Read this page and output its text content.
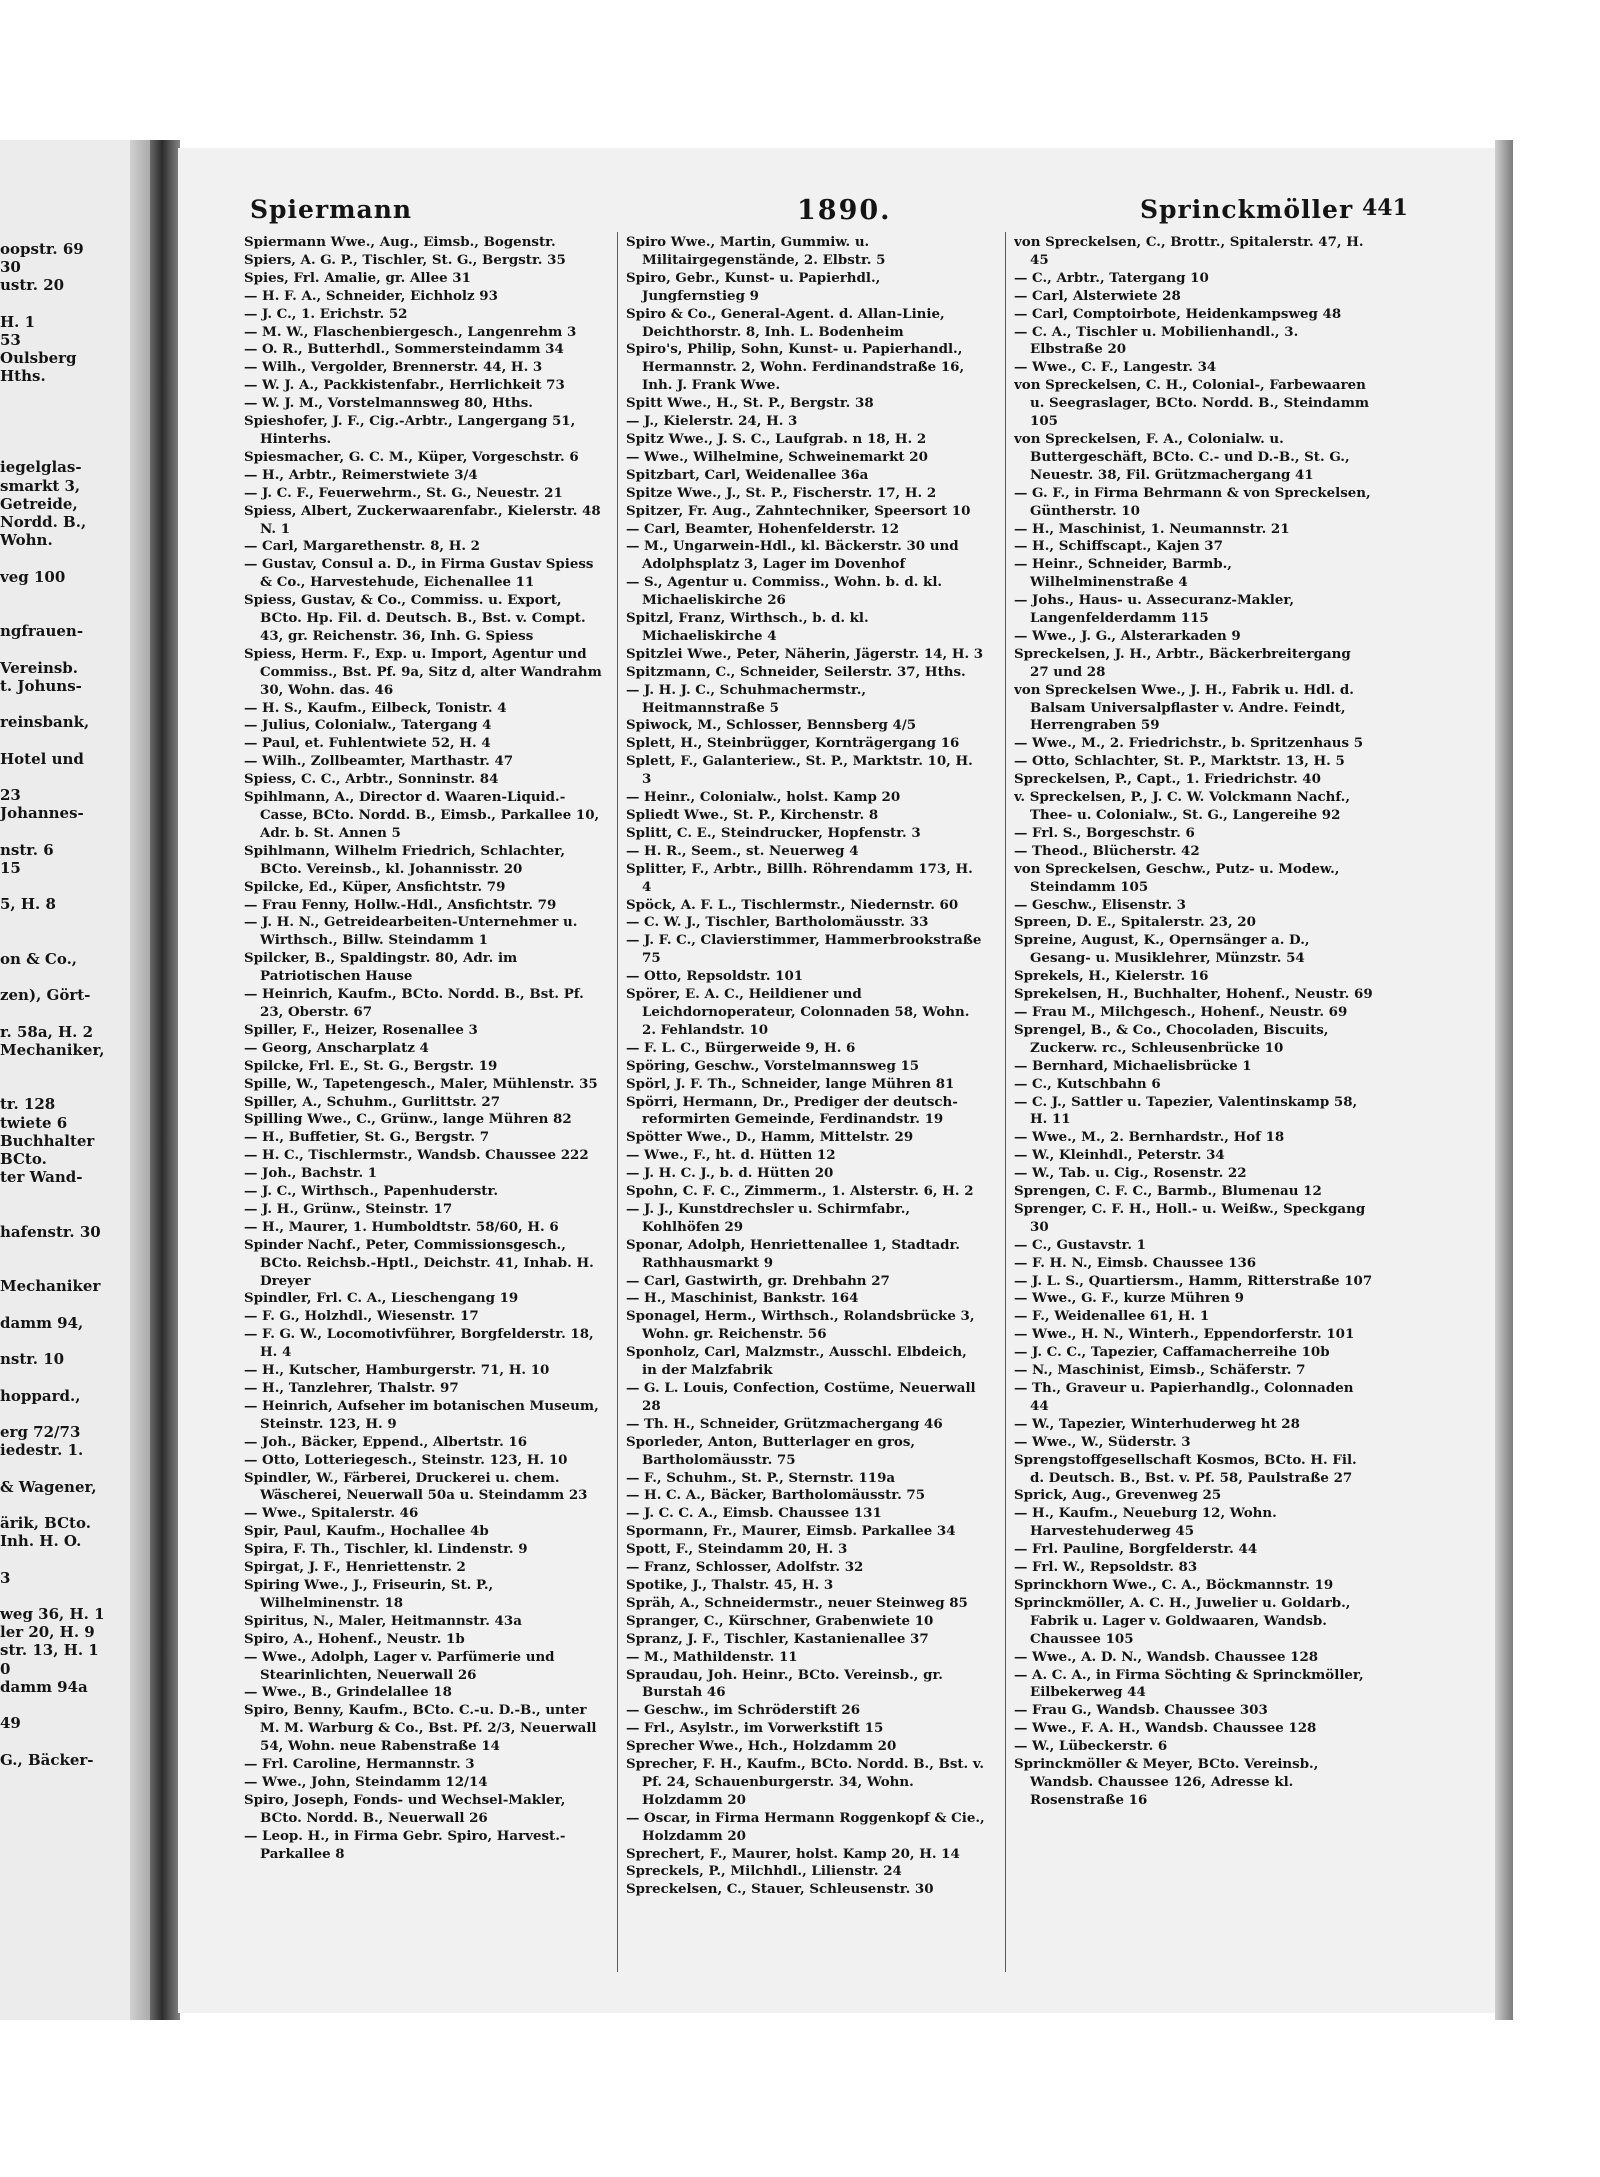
oopstr. 69
30
ustr. 20
H. 1
53
Oulsberg
Hths.
iegelglas-
smarkt 3,
Getreide,
Nordd. B.,
Wohn.
veg 100
ngfrauen-
Vereinsb.
t. Johuns-
reinsbank,
Hotel und
23
Johannes-
nstr. 6
15
5, H. 8
on & Co.,
zen), Gört-
r. 58a, H. 2
Mechaniker,
tr. 128
twiete 6
Buchhalter
BCto.
ter Wand-
hafenstr. 30
Mechaniker
damm 94,
nstr. 10
hoppard.,
erg 72/73
iedestr. 1.
& Wagener,
ärik, BCto.
Inh. H. O.
3
weg 36, H. 1
ler 20, H. 9
str. 13, H. 1
0
damm 94a
49
G., Bäcker-
Spiermann	1890.	Sprinckmöller 441
Spiermann Wwe., Aug., Eimsb., Bogenstr.
Spiers, A. G. P., Tischler, St. G., Bergstr. 35
Spies, Frl. Amalie, gr. Allee 31
— H. F. A., Schneider, Eichholz 93
— J. C., 1. Erichstr. 52
— M. W., Flaschenbiergesch., Langenrehm 3
— O. R., Butterhdl., Sommersteindamm 34
— Wilh., Vergolder, Brennerstr. 44, H. 3
— W. J. A., Packkistenfabr., Herrlichkeit 73
— W. J. M., Vorstelmannsweg 80, Hths.
Spieshofer, J. F., Cig.-Arbtr., Langergang 51, Hinterhs.
Spiesmacher, G. C. M., Küper, Vorgeschstr. 6
— H., Arbtr., Reimerstwiete 3/4
— J. C. F., Feuerwehrm., St. G., Neuestr. 21
Spiess, Albert, Zuckerwaarenfabr., Kielerstr. 48 N. 1
— Carl, Margarethenstr. 8, H. 2
— Gustav, Consul a. D., in Firma Gustav Spiess & Co., Harvestehude, Eichenallee 11
Spiess, Gustav, & Co., Commiss. u. Export, BCto. Hp. Fil. d. Deutsch. B., Bst. v. Compt. 43, gr. Reichenstr. 36, Inh. G. Spiess
Spiess, Herm. F., Exp. u. Import, Agentur und Commiss., Bst. Pf. 9a, Sitz d, alter Wandrahm 30, Wohn. das. 46
— H. S., Kaufm., Eilbeck, Tonistr. 4
— Julius, Colonialw., Tatergang 4
— Paul, et. Fuhlentwiete 52, H. 4
— Wilh., Zollbeamter, Marthastr. 47
Spiess, C. C., Arbtr., Sonninstr. 84
Spihlmann, A., Director d. Waaren-Liquid.-Casse, BCto. Nordd. B., Eimsb., Parkallee 10, Adr. b. St. Annen 5
Spihlmann, Wilhelm Friedrich, Schlachter, BCto. Vereinsb., kl. Johannisstr. 20
Spilcke, Ed., Küper, Ansfichtstr. 79
— Frau Fenny, Hollw.-Hdl., Ansfichtstr. 79
— J. H. N., Getreidearbeiten-Unternehmer u. Wirthsch., Billw. Steindamm 1
Spilcker, B., Spaldingstr. 80, Adr. im Patriotischen Hause
— Heinrich, Kaufm., BCto. Nordd. B., Bst. Pf. 23, Oberstr. 67
Spiller, F., Heizer, Rosenallee 3
— Georg, Anscharplatz 4
Spilcke, Frl. E., St. G., Bergstr. 19
Spille, W., Tapetengesch., Maler, Mühlenstr. 35
Spiller, A., Schuhm., Gurlittstr. 27
Spilling Wwe., C., Grünw., lange Mühren 82
— H., Buffetier, St. G., Bergstr. 7
— H. C., Tischlermstr., Wandsb. Chaussee 222
— Joh., Bachstr. 1
— J. C., Wirthsch., Papenhuderstr.
— J. H., Grünw., Steinstr. 17
— H., Maurer, 1. Humboldtstr. 58/60, H. 6
Spinder Nachf., Peter, Commissionsgesch., BCto. Reichsb.-Hptl., Deichstr. 41, Inhab. H. Dreyer
Spindler, Frl. C. A., Lieschengang 19
— F. G., Holzhdl., Wiesenstr. 17
— F. G. W., Locomotivführer, Borgfelderstr. 18, H. 4
— H., Kutscher, Hamburgerstr. 71, H. 10
— H., Tanzlehrer, Thalstr. 97
— Heinrich, Aufseher im botanischen Museum, Steinstr. 123, H. 9
— Joh., Bäcker, Eppend., Albertstr. 16
— Otto, Lotteriegesch., Steinstr. 123, H. 10
Spindler, W., Färberei, Druckerei u. chem. Wäscherei, Neuerwall 50a u. Steindamm 23
— Wwe., Spitalerstr. 46
Spir, Paul, Kaufm., Hochallee 4b
Spira, F. Th., Tischler, kl. Lindenstr. 9
Spirgat, J. F., Henriettenstr. 2
Spiring Wwe., J., Friseurin, St. P., Wilhelminenstr. 18
Spiritus, N., Maler, Heitmannstr. 43a
Spiro, A., Hohenf., Neustr. 1b
— Wwe., Adolph, Lager v. Parfümerie und Stearinlichten, Neuerwall 26
— Wwe., B., Grindelallee 18
Spiro, Benny, Kaufm., BCto. C.-u. D.-B., unter M. M. Warburg & Co., Bst. Pf. 2/3, Neuerwall 54, Wohn. neue Rabenstraße 14
— Frl. Caroline, Hermannstr. 3
— Wwe., John, Steindamm 12/14
Spiro, Joseph, Fonds- und Wechsel-Makler, BCto. Nordd. B., Neuerwall 26
— Leop. H., in Firma Gebr. Spiro, Harvest.-Parkallee 8
Spiro Wwe., Martin, Gummiw. u. Militairgegenstände, 2. Elbstr. 5
Spiro, Gebr., Kunst- u. Papierhdl., Jungfernstieg 9
Spiro & Co., General-Agent. d. Allan-Linie, Deichthorstr. 8, Inh. L. Bodenheim
Spiro's, Philip, Sohn, Kunst- u. Papierhandl., Hermannstr. 2, Wohn. Ferdinandstraße 16, Inh. J. Frank Wwe.
Spitt Wwe., H., St. P., Bergstr. 38
— J., Kielerstr. 24, H. 3
Spitz Wwe., J. S. C., Laufgrab. n 18, H. 2
— Wwe., Wilhelmine, Schweinemarkt 20
Spitzbart, Carl, Weidenallee 36a
Spitze Wwe., J., St. P., Fischerstr. 17, H. 2
Spitzer, Fr. Aug., Zahntechniker, Speersort 10
— Carl, Beamter, Hohenfelderstr. 12
— M., Ungarwein-Hdl., kl. Bäckerstr. 30 und Adolphsplatz 3, Lager im Dovenhof
— S., Agentur u. Commiss., Wohn. b. d. kl. Michaeliskirche 26
Spitzl, Franz, Wirthsch., b. d. kl. Michaeliskirche 4
Spitzlei Wwe., Peter, Näherin, Jägerstr. 14, H. 3
Spitzmann, C., Schneider, Seilerstr. 37, Hths.
— J. H. J. C., Schuhmachermstr., Heitmannstraße 5
Spiwock, M., Schlosser, Bennsberg 4/5
Splett, H., Steinbrügger, Kornträgergang 16
Splett, F., Galanteriew., St. P., Marktstr. 10, H. 3
— Heinr., Colonialw., holst. Kamp 20
Spliedt Wwe., St. P., Kirchenstr. 8
Splitt, C. E., Steindrucker, Hopfenstr. 3
— H. R., Seem., st. Neuerweg 4
Splitter, F., Arbtr., Billh. Röhrendamm 173, H. 4
Spöck, A. F. L., Tischlermstr., Niedernstr. 60
— C. W. J., Tischler, Bartholomäusstr. 33
— J. F. C., Clavierstimmer, Hammerbrookstraße 75
— Otto, Repsoldstr. 101
Spörer, E. A. C., Heildiener und Leichdornoperateur, Colonnaden 58, Wohn. 2. Fehlandstr. 10
— F. L. C., Bürgerweide 9, H. 6
Spöring, Geschw., Vorstelmannsweg 15
Spörl, J. F. Th., Schneider, lange Mühren 81
Spörri, Hermann, Dr., Prediger der deutsch-reformirten Gemeinde, Ferdinandstr. 19
Spötter Wwe., D., Hamm, Mittelstr. 29
— Wwe., F., ht. d. Hütten 12
— J. H. C. J., b. d. Hütten 20
Spohn, C. F. C., Zimmerm., 1. Alsterstr. 6, H. 2
— J. J., Kunstdrechsler u. Schirmfabr., Kohlhöfen 29
Sponar, Adolph, Henriettenallee 1, Stadtadr. Rathhausmarkt 9
— Carl, Gastwirth, gr. Drehbahn 27
— H., Maschinist, Bankstr. 164
Sponagel, Herm., Wirthsch., Rolandsbrücke 3, Wohn. gr. Reichenstr. 56
Sponholz, Carl, Malzmstr., Ausschl. Elbdeich, in der Malzfabrik
— G. L. Louis, Confection, Costüme, Neuerwall 28
— Th. H., Schneider, Grützmachergang 46
Sporleder, Anton, Butterlager en gros, Bartholomäusstr. 75
— F., Schuhm., St. P., Sternstr. 119a
— H. C. A., Bäcker, Bartholomäusstr. 75
— J. C. C. A., Eimsb. Chaussee 131
Spormann, Fr., Maurer, Eimsb. Parkallee 34
Spott, F., Steindamm 20, H. 3
— Franz, Schlosser, Adolfstr. 32
Spotike, J., Thalstr. 45, H. 3
Spräh, A., Schneidermstr., neuer Steinweg 85
Spranger, C., Kürschner, Grabenwiete 10
Spranz, J. F., Tischler, Kastanienallee 37
— M., Mathildenstr. 11
Spraudau, Joh. Heinr., BCto. Vereinsb., gr. Burstah 46
— Geschw., im Schröderstift 26
— Frl., Asylstr., im Vorwerkstift 15
Sprecher Wwe., Hch., Holzdamm 20
Sprecher, F. H., Kaufm., BCto. Nordd. B., Bst. v. Pf. 24, Schauenburgerstr. 34, Wohn. Holzdamm 20
— Oscar, in Firma Hermann Roggenkopf & Cie., Holzdamm 20
Sprechert, F., Maurer, holst. Kamp 20, H. 14
Spreckels, P., Milchhdl., Lilienstr. 24
Spreckelsen, C., Stauer, Schleusenstr. 30
von Spreckelsen, C., Brottr., Spitalerstr. 47, H. 45
— C., Arbtr., Tatergang 10
— Carl, Alsterwiete 28
— Carl, Comptoirbote, Heidenkampsweg 48
— C. A., Tischler u. Mobilienhandl., 3. Elbstraße 20
— Wwe., C. F., Langestr. 34
von Spreckelsen, C. H., Colonial-, Farbewaaren u. Seegraslager, BCto. Nordd. B., Steindamm 105
von Spreckelsen, F. A., Colonialw. u. Buttergeschäft, BCto. C.- und D.-B., St. G., Neuestr. 38, Fil. Grützmachergang 41
— G. F., in Firma Behrmann & von Spreckelsen, Güntherstr. 10
— H., Maschinist, 1. Neumannstr. 21
— H., Schiffscapt., Kajen 37
— Heinr., Schneider, Barmb., Wilhelminenstraße 4
— Johs., Haus- u. Assecuranz-Makler, Langenfelderdamm 115
— Wwe., J. G., Alsterarkaden 9
Spreckelsen, J. H., Arbtr., Bäckerbreitergang 27 und 28
von Spreckelsen Wwe., J. H., Fabrik u. Hdl. d. Balsam Universalpflaster v. Andre. Feindt, Herrengraben 59
— Wwe., M., 2. Friedrichstr., b. Spritzenhaus 5
— Otto, Schlachter, St. P., Marktstr. 13, H. 5
Spreckelsen, P., Capt., 1. Friedrichstr. 40
v. Spreckelsen, P., J. C. W. Volckmann Nachf., Thee- u. Colonialw., St. G., Langereihe 92
— Frl. S., Borgeschstr. 6
— Theod., Blücherstr. 42
von Spreckelsen, Geschw., Putz- u. Modew., Steindamm 105
— Geschw., Elisenstr. 3
Spreen, D. E., Spitalerstr. 23, 20
Spreine, August, K., Opernsänger a. D., Gesang- u. Musiklehrer, Münzstr. 54
Sprekels, H., Kielerstr. 16
Sprekelsen, H., Buchhalter, Hohenf., Neustr. 69
— Frau M., Milchgesch., Hohenf., Neustr. 69
Sprengel, B., & Co., Chocoladen, Biscuits, Zuckerw. rc., Schleusenbrücke 10
— Bernhard, Michaelisbrücke 1
— C., Kutschbahn 6
— C. J., Sattler u. Tapezier, Valentinskamp 58, H. 11
— Wwe., M., 2. Bernhardstr., Hof 18
— W., Kleinhdl., Peterstr. 34
— W., Tab. u. Cig., Rosenstr. 22
Sprengen, C. F. C., Barmb., Blumenau 12
Sprenger, C. F. H., Holl.- u. Weißw., Speckgang 30
— C., Gustavstr. 1
— F. H. N., Eimsb. Chaussee 136
— J. L. S., Quartiersm., Hamm, Ritterstraße 107
— Wwe., G. F., kurze Mühren 9
— F., Weidenallee 61, H. 1
— Wwe., H. N., Winterh., Eppendorferstr. 101
— J. C. C., Tapezier, Caffamacherreihe 10b
— N., Maschinist, Eimsb., Schäferstr. 7
— Th., Graveur u. Papierhandlg., Colonnaden 44
— W., Tapezier, Winterhuderweg ht 28
— Wwe., W., Süderstr. 3
Sprengstoffgesellschaft Kosmos, BCto. H. Fil. d. Deutsch. B., Bst. v. Pf. 58, Paulstraße 27
Sprick, Aug., Grevenweg 25
— H., Kaufm., Neueburg 12, Wohn. Harvestehuderweg 45
— Frl. Pauline, Borgfelderstr. 44
— Frl. W., Repsoldstr. 83
Sprinckhorn Wwe., C. A., Böckmannstr. 19
Sprinckmöller, A. C. H., Juwelier u. Goldarb., Fabrik u. Lager v. Goldwaaren, Wandsb. Chaussee 105
— Wwe., A. D. N., Wandsb. Chaussee 128
— A. C. A., in Firma Söchting & Sprinckmöller, Eilbekerweg 44
— Frau G., Wandsb. Chaussee 303
— Wwe., F. A. H., Wandsb. Chaussee 128
— W., Lübeckerstr. 6
Sprinckmöller & Meyer, BCto. Vereinsb., Wandsb. Chaussee 126, Adresse kl. Rosenstraße 16
